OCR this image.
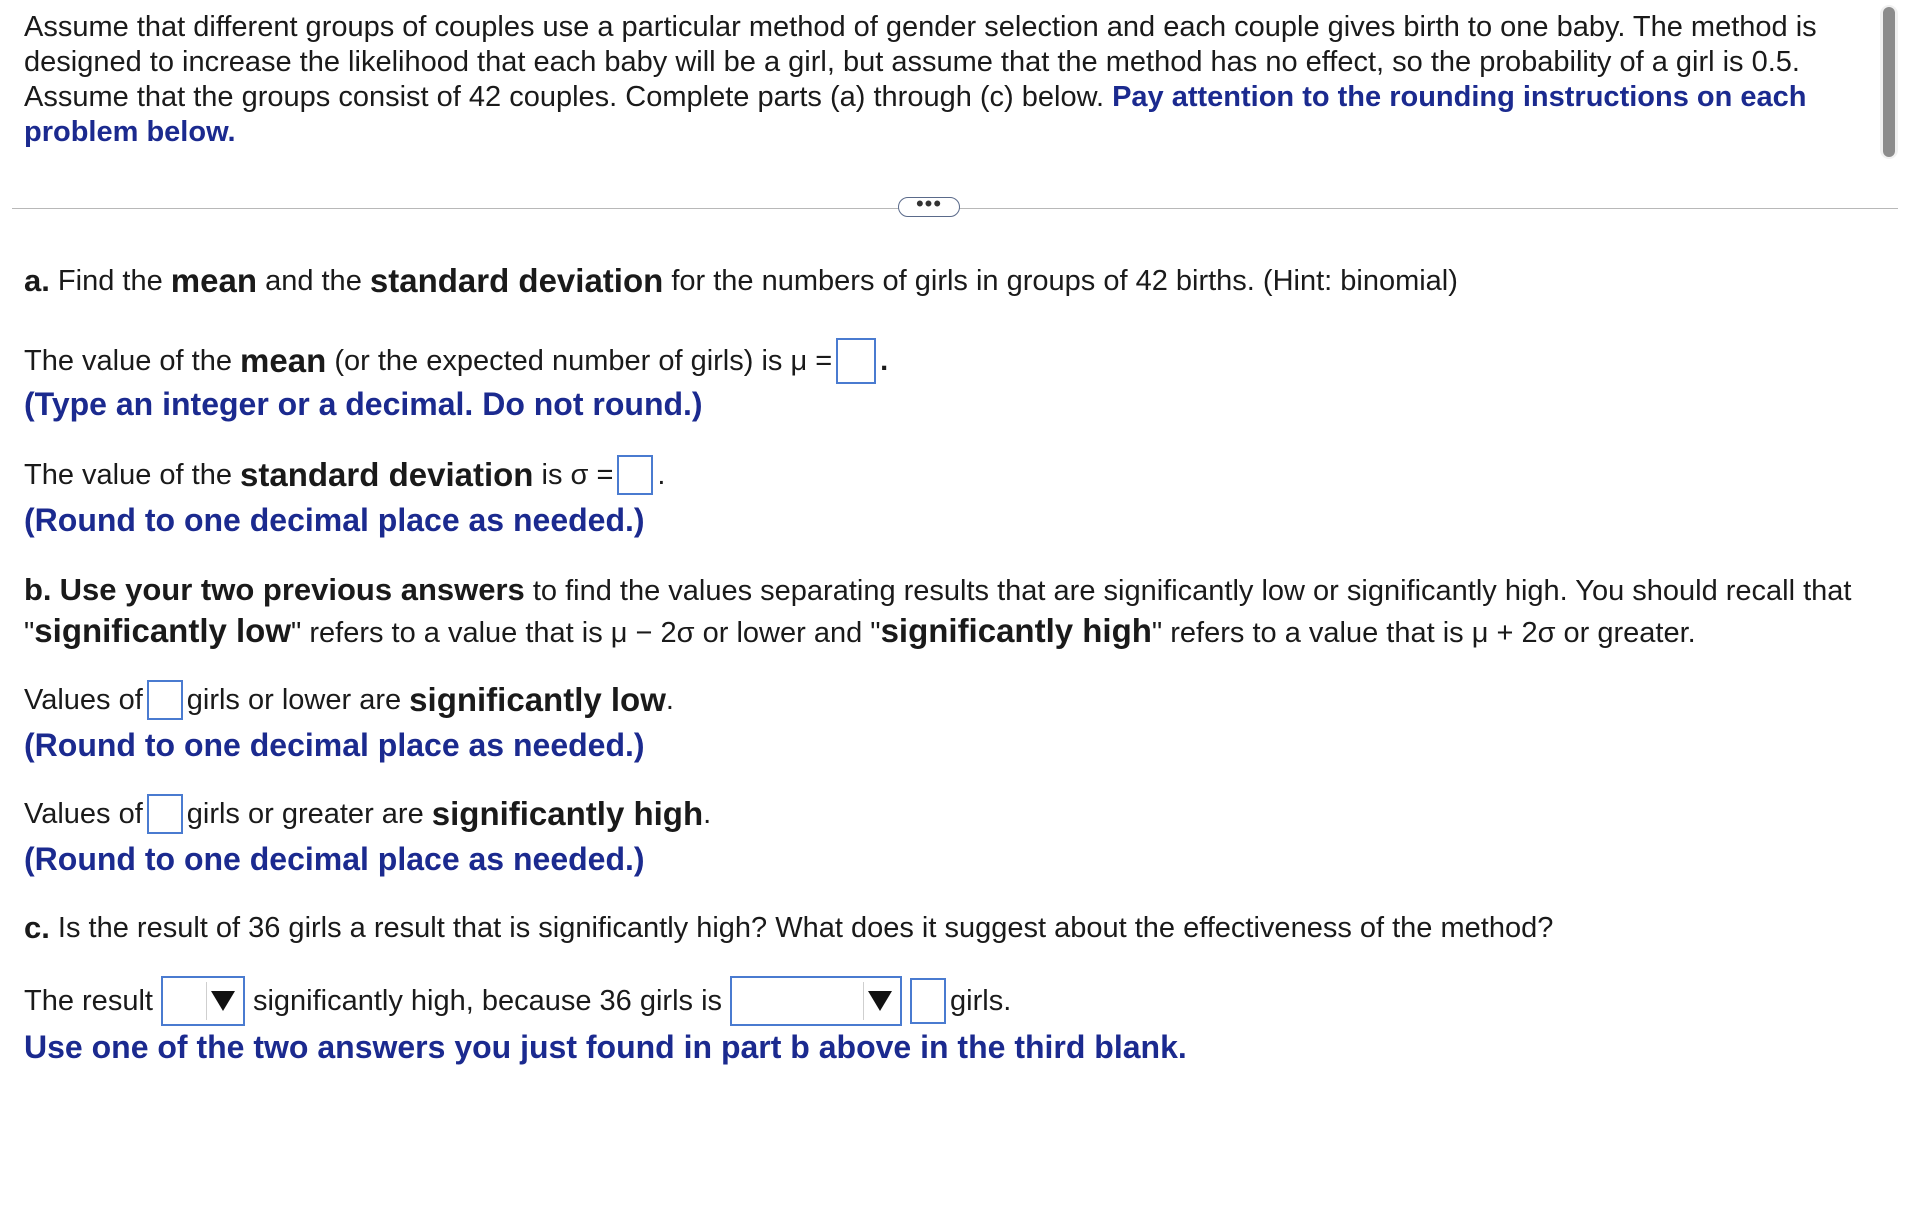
Assume that different groups of couples use a particular method of gender selection and each couple gives birth to one baby. The method is designed to increase the likelihood that each baby will be a girl, but assume that the method has no effect, so the probability of a girl is 0.5. Assume that the groups consist of 42 couples. Complete parts (a) through (c) below. Pay attention to the rounding instructions on each problem below.
•••
a.
Find the
mean
and the
standard deviation
for the numbers of girls in groups of 42 births. (Hint: binomial)
The value of the
mean
(or the expected number of girls) is μ = .
(Type an integer or a decimal. Do not round.)
The value of the
standard deviation
is σ = .
(Round to one decimal place as needed.)
b. Use your two previous answers to find the values separating results that are significantly low or significantly high. You should recall that "significantly low" refers to a value that is μ − 2σ or lower and "significantly high" refers to a value that is μ + 2σ or greater.
Values of girls or lower are
significantly low .
(Round to one decimal place as needed.)
Values of girls or greater are
significantly high .
(Round to one decimal place as needed.)
c.
Is the result of 36 girls a result that is significantly high? What does it suggest about the effectiveness of the method?
The result	significantly high, because 36 girls is	girls.
Use one of the two answers you just found in part b above in the third blank.
